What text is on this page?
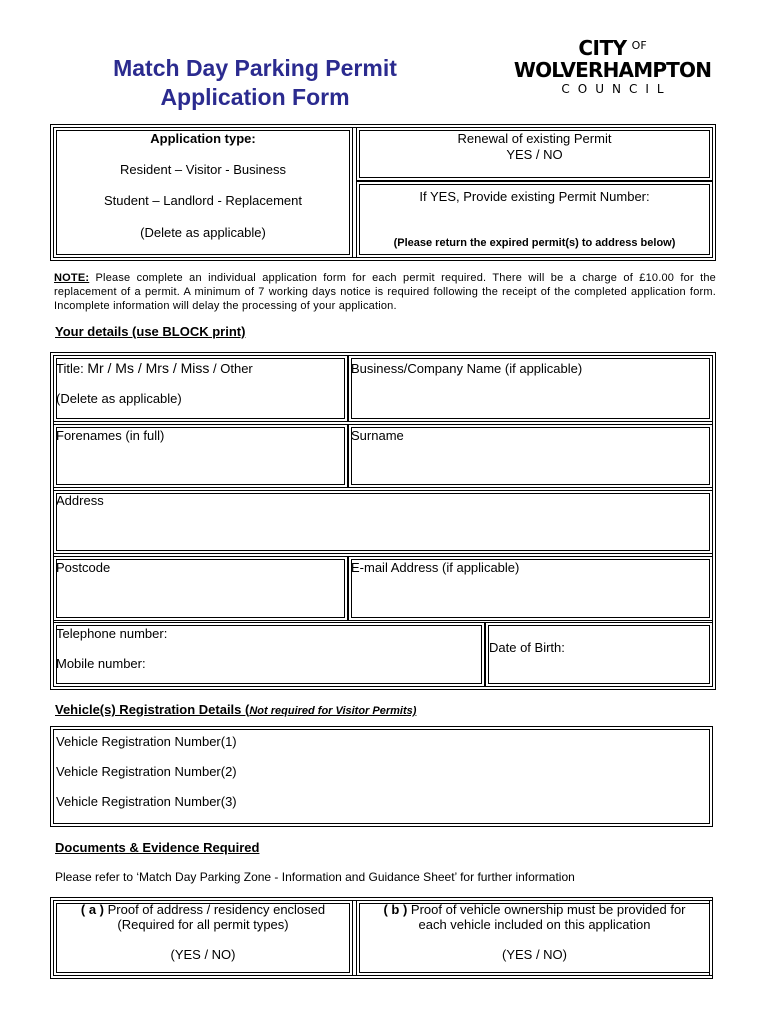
Match Day Parking Permit
Application Form
CITY $^{OF}$
WOLVERHAMPTON
COUNCIL
Application type:
Resident – Visitor - Business
Student – Landlord - Replacement
(Delete as applicable)
Renewal of existing Permit
YES / NO
If YES, Provide existing Permit Number:
(Please return the expired permit(s) to address below)
NOTE: Please complete an individual application form for each permit required. There will be a charge of £10.00 for the replacement of a permit. A minimum of 7 working days notice is required following the receipt of the completed application form. Incomplete information will delay the processing of your application.
Your details (use BLOCK print)
Title: Mr / Ms / Mrs / Miss / Other
(Delete as applicable)
Business/Company Name (if applicable)
Forenames (in full)	Surname
Address
Postcode	E-mail Address (if applicable)
Telephone number:
Mobile number:
Date of Birth:
Vehicle(s) Registration Details (Not required for Visitor Permits)
Vehicle Registration Number(1)
Vehicle Registration Number(2)
Vehicle Registration Number(3)
Documents & Evidence Required
Please refer to ‘Match Day Parking Zone - Information and Guidance Sheet’ for further information
( a ) Proof of address / residency enclosed
(Required for all permit types)
(YES / NO)
( b ) Proof of vehicle ownership must be provided for
each vehicle included on this application
(YES / NO)
